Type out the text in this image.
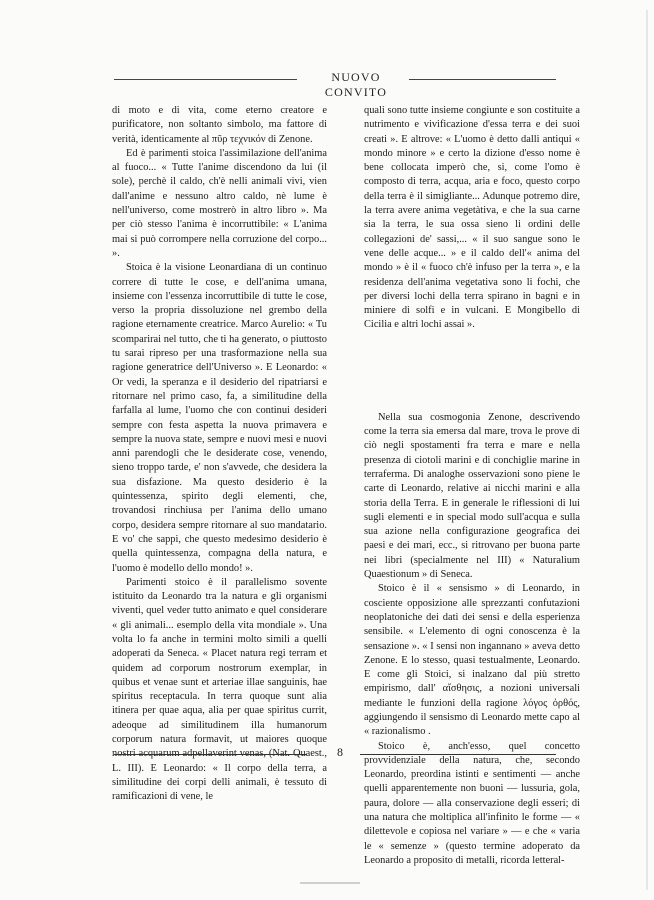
NUOVO CONVITO

di moto e di vita, come eterno creatore e purificatore, non soltanto simbolo, ma fattore di verità, identicamente al πῦρ τεχνικόν di Zenone.

Ed è parimenti stoica l'assimilazione dell'anima al fuoco... « Tutte l'anime discendono da lui (il sole), perchè il caldo, ch'è nelli animali vivi, vien dall'anime e nessuno altro caldo, nè lume è nell'universo, come mostrerò in altro libro ». Ma per ciò stesso l'anima è incorruttibile: « L'anima mai si può corrompere nella corruzione del corpo... ».

Stoica è la visione Leonardiana di un continuo correre di tutte le cose, e dell'anima umana, insieme con l'essenza incorruttibile di tutte le cose, verso la propria dissoluzione nel grembo della ragione eternamente creatrice. Marco Aurelio: « Tu scomparirai nel tutto, che ti ha generato, o piuttosto tu sarai ripreso per una trasformazione nella sua ragione generatrice dell'Universo ». E Leonardo: « Or vedi, la speranza e il desiderio del ripatriarsi e ritornare nel primo caso, fa, a similitudine della farfalla al lume, l'uomo che con continui desideri sempre con festa aspetta la nuova primavera e sempre la nuova state, sempre e nuovi mesi e nuovi anni parendogli che le desiderate cose, venendo, sieno troppo tarde, e' non s'avvede, che desidera la sua disfazione. Ma questo desiderio è la quintessenza, spirito degli elementi, che, trovandosi rinchiusa per l'anima dello umano corpo, desidera sempre ritornare al suo mandatario. E vo' che sappi, che questo medesimo desiderio è quella quintessenza, compagna della natura, e l'uomo è modello dello mondo! ».

Parimenti stoico è il parallelismo sovente istituito da Leonardo tra la natura e gli organismi viventi, quel veder tutto animato e quel considerare « gli animali... esemplo della vita mondiale ». Una volta lo fa anche in termini molto simili a quelli adoperati da Seneca. « Placet natura regi terram et quidem ad corporum nostrorum exemplar, in quibus et venae sunt et arteriae illae sanguinis, hae spiritus receptacula. In terra quoque sunt alia itinera per quae aqua, alia per quae spiritus currit, adeoque ad similitudinem illa humanorum corporum natura formavit, ut maiores quoque nostri acquarum adpellaverint venas, (Nat. Quaest., L. III). E Leonardo: « Il corpo della terra, a similitudine dei corpi delli animali, è tessuto di ramificazioni di vene, le

quali sono tutte insieme congiunte e son costituite a nutrimento e vivificazione d'essa terra e dei suoi creati ». E altrove: « L'uomo è detto dalli antiqui « mondo minore » e certo la dizione d'esso nome è bene collocata imperò che, si, come l'omo è composto di terra, acqua, aria e foco, questo corpo della terra è il simigliante... Adunque potremo dire, la terra avere anima vegetàtiva, e che la sua carne sia la terra, le sua ossa sieno li ordini delle collegazioni de' sassi,... « il suo sangue sono le vene delle acque... » e il caldo dell'« anima del mondo » è il « fuoco ch'è infuso per la terra », e la residenza dell'anima vegetativa sono li fochi, che per diversi lochi della terra spirano in bagni e in miniere di solfi e in vulcani. E Mongibello di Cicilia e altri lochi assai ».

Nella sua cosmogonia Zenone, descrivendo come la terra sia emersa dal mare, trova le prove di ciò negli spostamenti fra terra e mare e nella presenza di ciotoli marini e di conchiglie marine in terraferma. Di analoghe osservazioni sono piene le carte di Leonardo, relative ai nicchi marini e alla storia della Terra. E in generale le riflessioni di lui sugli elementi e in special modo sull'acqua e sulla sua azione nella configurazione geografica dei paesi e dei mari, ecc., si ritrovano per buona parte nei libri (specialmente nel III) « Naturalium Quaestionum » di Seneca.

Stoico è il « sensismo » di Leonardo, in cosciente opposizione alle sprezzanti confutazioni neoplatoniche dei dati dei sensi e della esperienza sensibile. « L'elemento di ogni conoscenza è la sensazione ». « I sensi non ingannano » aveva detto Zenone. E lo stesso, quasi testualmente, Leonardo. E come gli Stoici, si inalzano dal più stretto empirismo, dall' αἴσθησις, a nozioni universali mediante le funzioni della ragione λόγος ὀρθός, aggiungendo il sensismo di Leonardo mette capo al « razionalismo .

Stoico è, anch'esso, quel concetto provvidenziale della natura, che, secondo Leonardo, preordina istinti e sentimenti — anche quelli apparentemente non buoni — lussuria, gola, paura, dolore — alla conservazione degli esseri; di una natura che moltiplica all'infinito le forme — « dilettevole e copiosa nel variare » — e che « varia le « semenze » (questo termine adoperato da Leonardo a proposito di metalli, ricorda letteral-

8
